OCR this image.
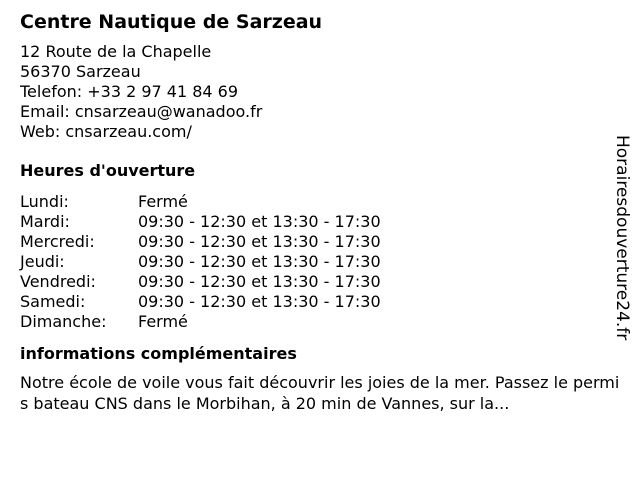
Centre Nautique de Sarzeau
12 Route de la Chapelle
56370 Sarzeau
Telefon: +33 2 97 41 84 69
Email: cnsarzeau@wanadoo.fr
Web: cnsarzeau.com/
Heures d'ouverture
Lundi:	Fermé
Mardi:	09:30 - 12:30 et 13:30 - 17:30
Mercredi:	09:30 - 12:30 et 13:30 - 17:30
Jeudi:	09:30 - 12:30 et 13:30 - 17:30
Vendredi:	09:30 - 12:30 et 13:30 - 17:30
Samedi:	09:30 - 12:30 et 13:30 - 17:30
Dimanche:	Fermé
informations complémentaires
Notre école de voile vous fait découvrir les joies de la mer. Passez le permis bateau CNS dans le Morbihan, à 20 min de Vannes, sur la...
Horairesdouverture24.fr
